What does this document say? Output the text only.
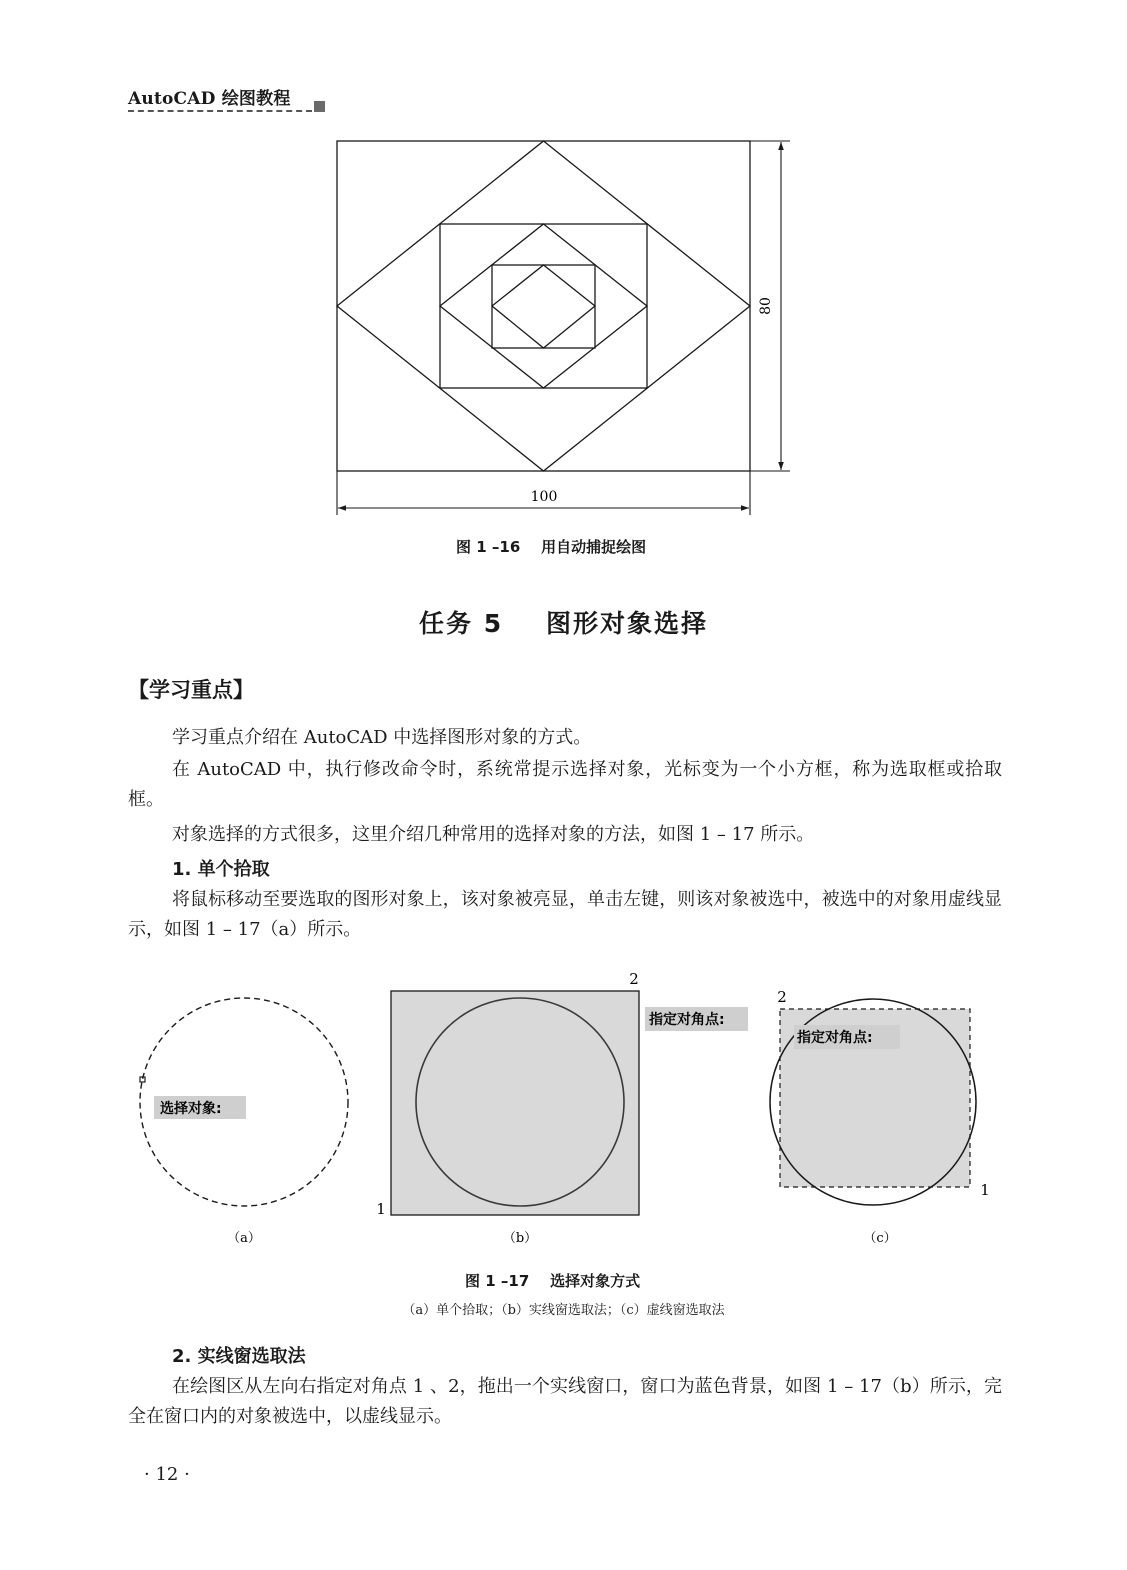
AutoCAD 绘图教程
80
100
图 1 –16    用自动捕捉绘图
任务 5    图形对象选择
【学习重点】
学习重点介绍在 AutoCAD 中选择图形对象的方式。
在 AutoCAD 中，执行修改命令时，系统常提示选择对象，光标变为一个小方框，称为选取框或拾取框。
对象选择的方式很多，这里介绍几种常用的选择对象的方法，如图 1 – 17 所示。
1. 单个拾取
将鼠标移动至要选取的图形对象上，该对象被亮显，单击左键，则该对象被选中，被选中的对象用虚线显示，如图 1 – 17（a）所示。
选择对象:
（a）
2
1
指定对角点:
（b）
指定对角点:
2
1
（c）
图 1 –17    选择对象方式
（a）单个拾取；（b）实线窗选取法；（c）虚线窗选取法
2. 实线窗选取法
在绘图区从左向右指定对角点 1 、2，拖出一个实线窗口，窗口为蓝色背景，如图 1 – 17（b）所示，完全在窗口内的对象被选中，以虚线显示。
· 12 ·
